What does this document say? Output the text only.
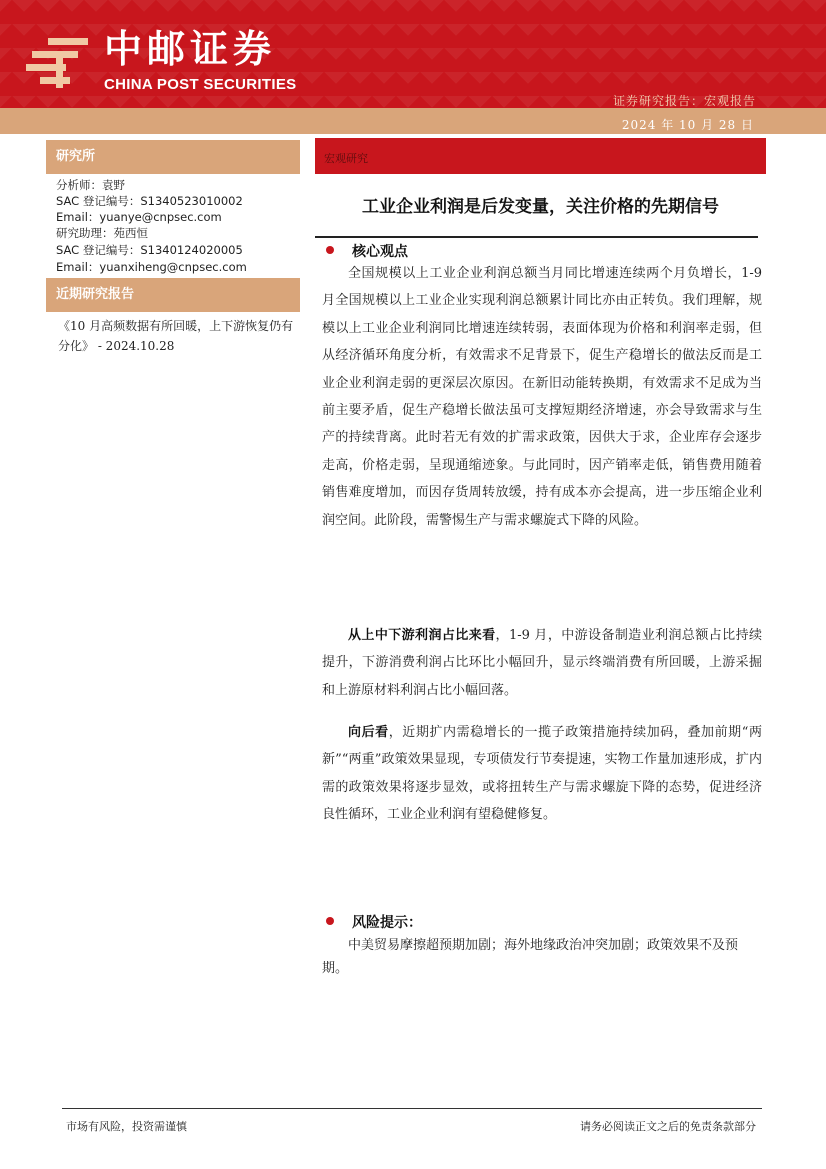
中邮证券
CHINA POST SECURITIES
证券研究报告：宏观报告
2024 年 10 月 28 日
研究所
分析师：袁野
SAC 登记编号：S1340523010002
Email：yuanye@cnpsec.com
研究助理：苑西恒
SAC 登记编号：S1340124020005
Email：yuanxiheng@cnpsec.com
近期研究报告
《10 月高频数据有所回暖，上下游恢复仍有分化》 - 2024.10.28
宏观研究
工业企业利润是后发变量，关注价格的先期信号
核心观点
全国规模以上工业企业利润总额当月同比增速连续两个月负增长，1-9 月全国规模以上工业企业实现利润总额累计同比亦由正转负。我们理解，规模以上工业企业利润同比增速连续转弱，表面体现为价格和利润率走弱，但从经济循环角度分析，有效需求不足背景下，促生产稳增长的做法反而是工业企业利润走弱的更深层次原因。在新旧动能转换期，有效需求不足成为当前主要矛盾，促生产稳增长做法虽可支撑短期经济增速，亦会导致需求与生产的持续背离。此时若无有效的扩需求政策，因供大于求，企业库存会逐步走高，价格走弱，呈现通缩迹象。与此同时，因产销率走低，销售费用随着销售难度增加，而因存货周转放缓，持有成本亦会提高，进一步压缩企业利润空间。此阶段，需警惕生产与需求螺旋式下降的风险。
从上中下游利润占比来看，1-9 月，中游设备制造业利润总额占比持续提升，下游消费利润占比环比小幅回升，显示终端消费有所回暖，上游采掘和上游原材料利润占比小幅回落。
向后看，近期扩内需稳增长的一揽子政策措施持续加码，叠加前期“两新”“两重”政策效果显现，专项债发行节奏提速，实物工作量加速形成，扩内需的政策效果将逐步显效，或将扭转生产与需求螺旋下降的态势，促进经济良性循环，工业企业利润有望稳健修复。
风险提示：
中美贸易摩擦超预期加剧；海外地缘政治冲突加剧；政策效果不及预期。
市场有风险，投资需谨慎	请务必阅读正文之后的免责条款部分
